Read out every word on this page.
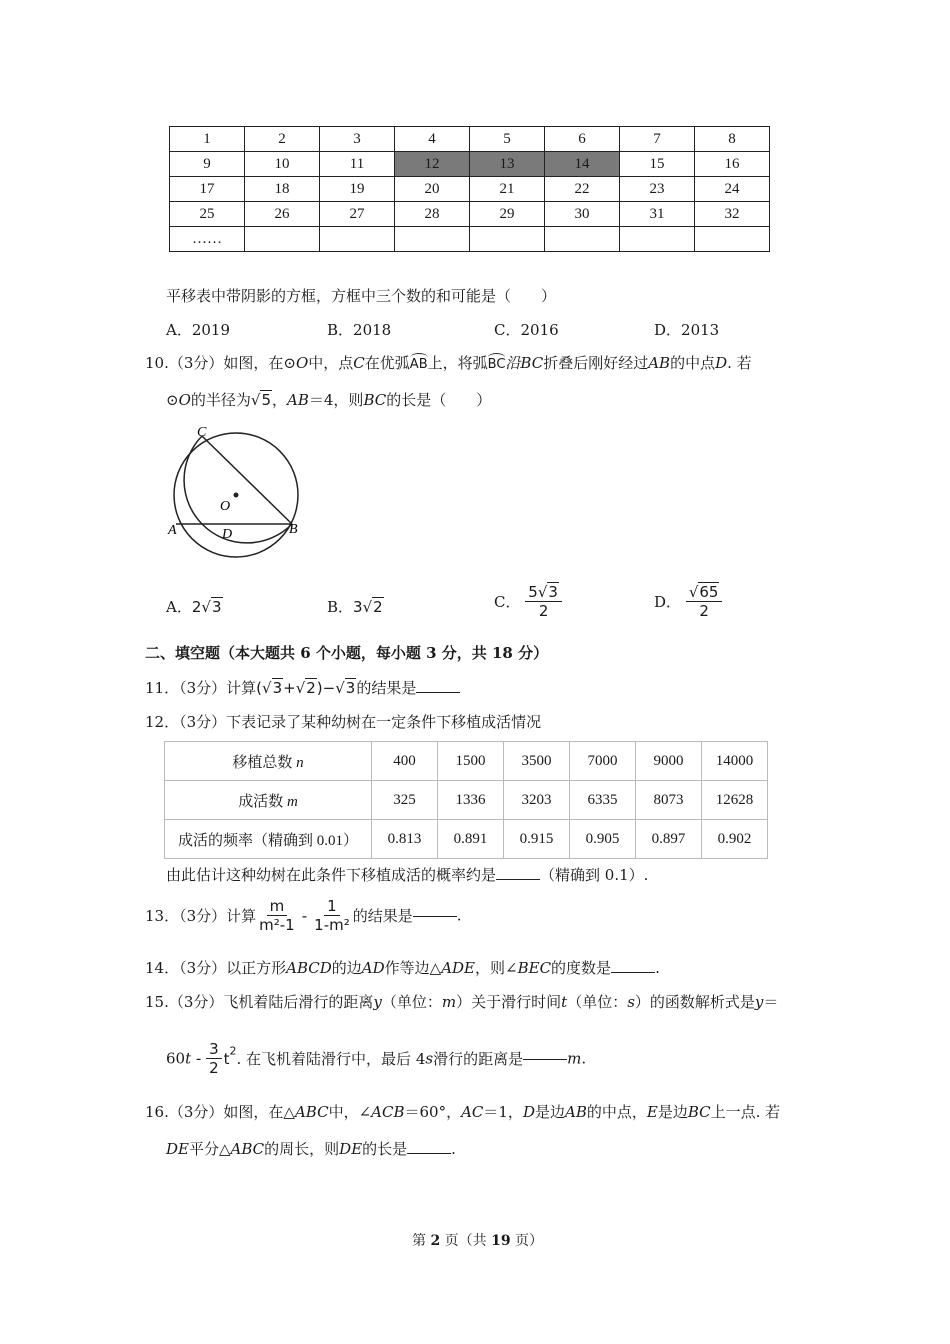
1	2	3	4	5	6	7	8
9	10	11	12	13	14	15	16
17	18	19	20	21	22	23	24
25	26	27	28	29	30	31	32
……							
平移表中带阴影的方框，方框中三个数的和可能是（　　）
A．2019	B．2018	C．2016	D．2013
10.（3分）如图，在⊙O中，点C在优弧AB上，将弧BC沿BC折叠后刚好经过AB的中点D. 若
⊙O的半径为√5，AB＝4，则BC的长是（　　）
C
O
A	D	B
A．2√3	B．3√2	C． $\frac{5√3}{2}$	D． $\frac{√65}{2}$
二、填空题（本大题共 6 个小题，每小题 3 分，共 18 分）
11．（3分）计算(√3+√2)−√3的结果是
12．（3分）下表记录了某种幼树在一定条件下移植成活情况
移植总数 n	400	1500	3500	7000	9000	14000
成活数 m	325	1336	3203	6335	8073	12628
成活的频率（精确到 0.01）	0.813	0.891	0.915	0.905	0.897	0.902
由此估计这种幼树在此条件下移植成活的概率约是	（精确到 0.1）.
13．（3分）计算 $\frac{m}{\text{m²-1}} - \frac{1}{\text{1-m²}}$ 的结果是	.
14．（3分）以正方形ABCD的边AD作等边△ADE，则∠BEC的度数是	.
15.（3分）飞机着陆后滑行的距离y（单位：m）关于滑行时间t（单位：s）的函数解析式是y＝
$60t - \frac{3}{2} t^2$. 在飞机着陆滑行中，最后 4s滑行的距离是	m.
16.（3分）如图，在△ABC中，∠ACB＝60°，AC＝1，D是边AB的中点，E是边BC上一点. 若
DE平分△ABC的周长，则DE的长是	.
第 2 页（共 19 页）
